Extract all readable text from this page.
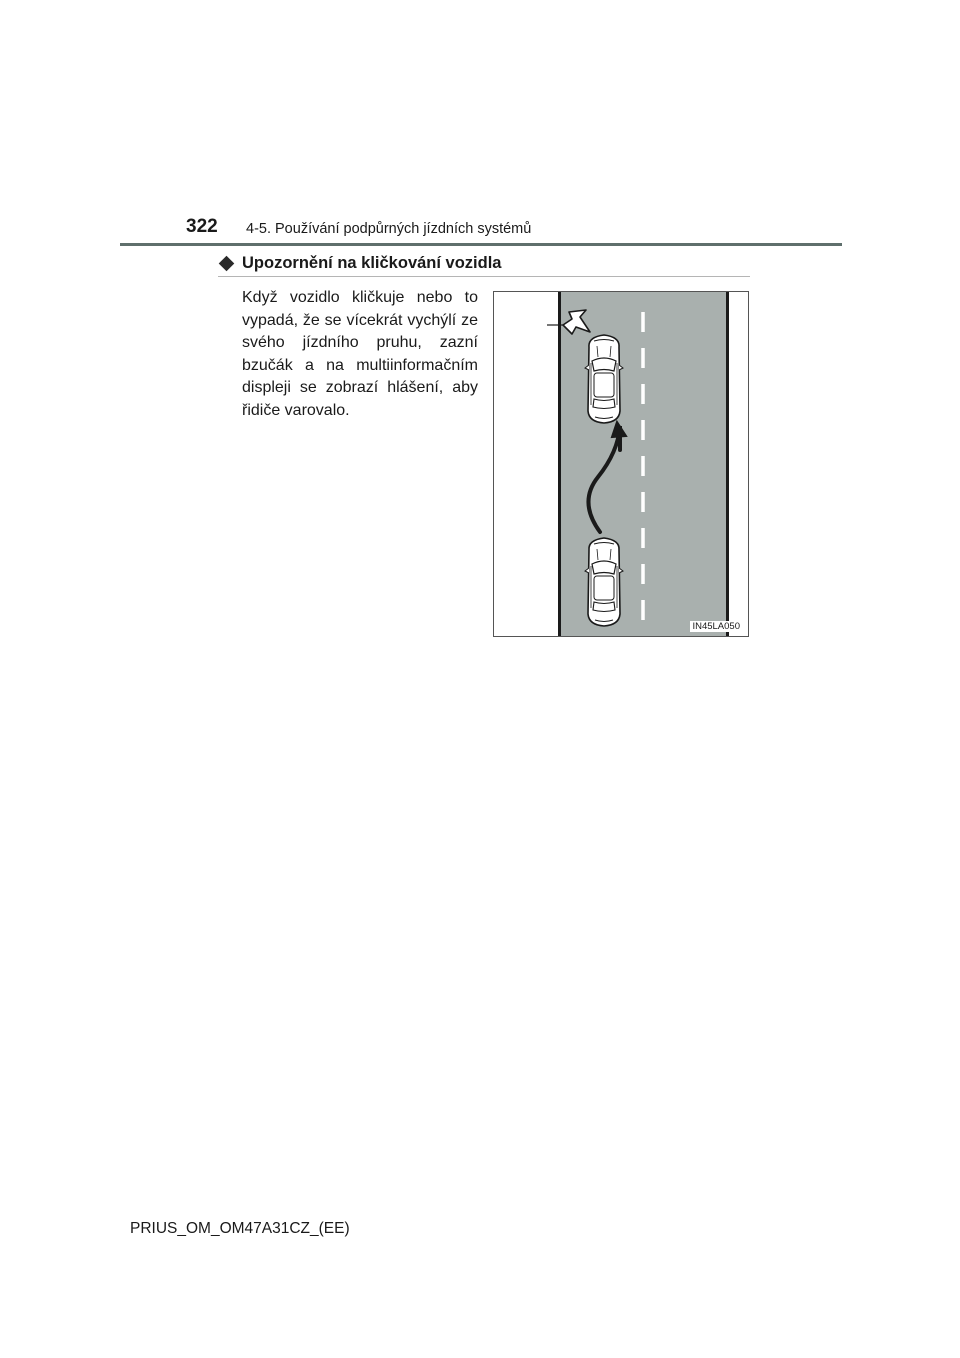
322 4-5. Používání podpůrných jízdních systémů
Upozornění na kličkování vozidla
Když vozidlo kličkuje nebo to vypadá, že se vícekrát vychýlí ze svého jízdního pruhu, zazní bzučák a na multiinformačním displeji se zobrazí hlášení, aby řidiče varovalo.
IN45LA050
PRIUS_OM_OM47A31CZ_(EE)
